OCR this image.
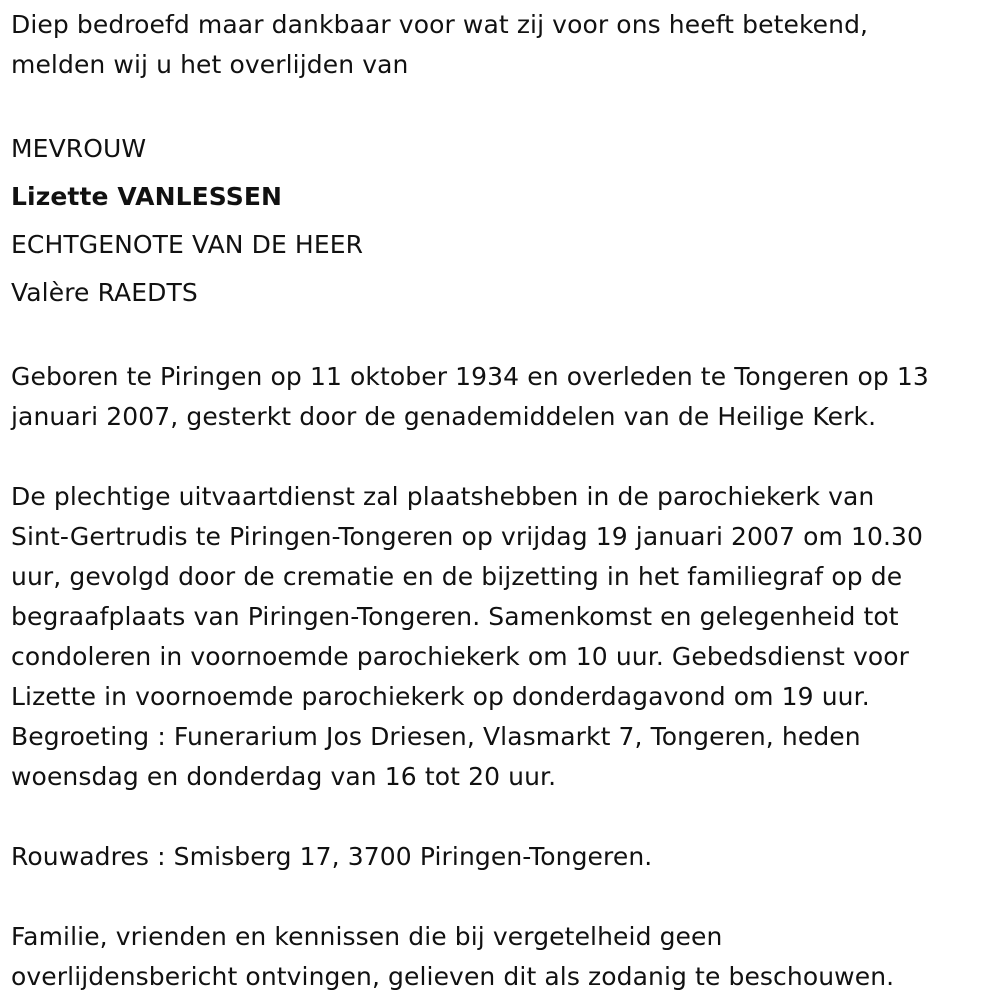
Diep bedroefd maar dankbaar voor wat zij voor ons heeft betekend,
melden wij u het overlijden van
MEVROUW
Lizette VANLESSEN
ECHTGENOTE VAN DE HEER
Valère RAEDTS
Geboren te Piringen op 11 oktober 1934 en overleden te Tongeren op 13
januari 2007, gesterkt door de genademiddelen van de Heilige Kerk.
De plechtige uitvaartdienst zal plaatshebben in de parochiekerk van
Sint-Gertrudis te Piringen-Tongeren op vrijdag 19 januari 2007 om 10.30
uur, gevolgd door de crematie en de bijzetting in het familiegraf op de
begraafplaats van Piringen-Tongeren. Samenkomst en gelegenheid tot
condoleren in voornoemde parochiekerk om 10 uur. Gebedsdienst voor
Lizette in voornoemde parochiekerk op donderdagavond om 19 uur.
Begroeting : Funerarium Jos Driesen, Vlasmarkt 7, Tongeren, heden
woensdag en donderdag van 16 tot 20 uur.
Rouwadres : Smisberg 17, 3700 Piringen-Tongeren.
Familie, vrienden en kennissen die bij vergetelheid geen
overlijdensbericht ontvingen, gelieven dit als zodanig te beschouwen.
